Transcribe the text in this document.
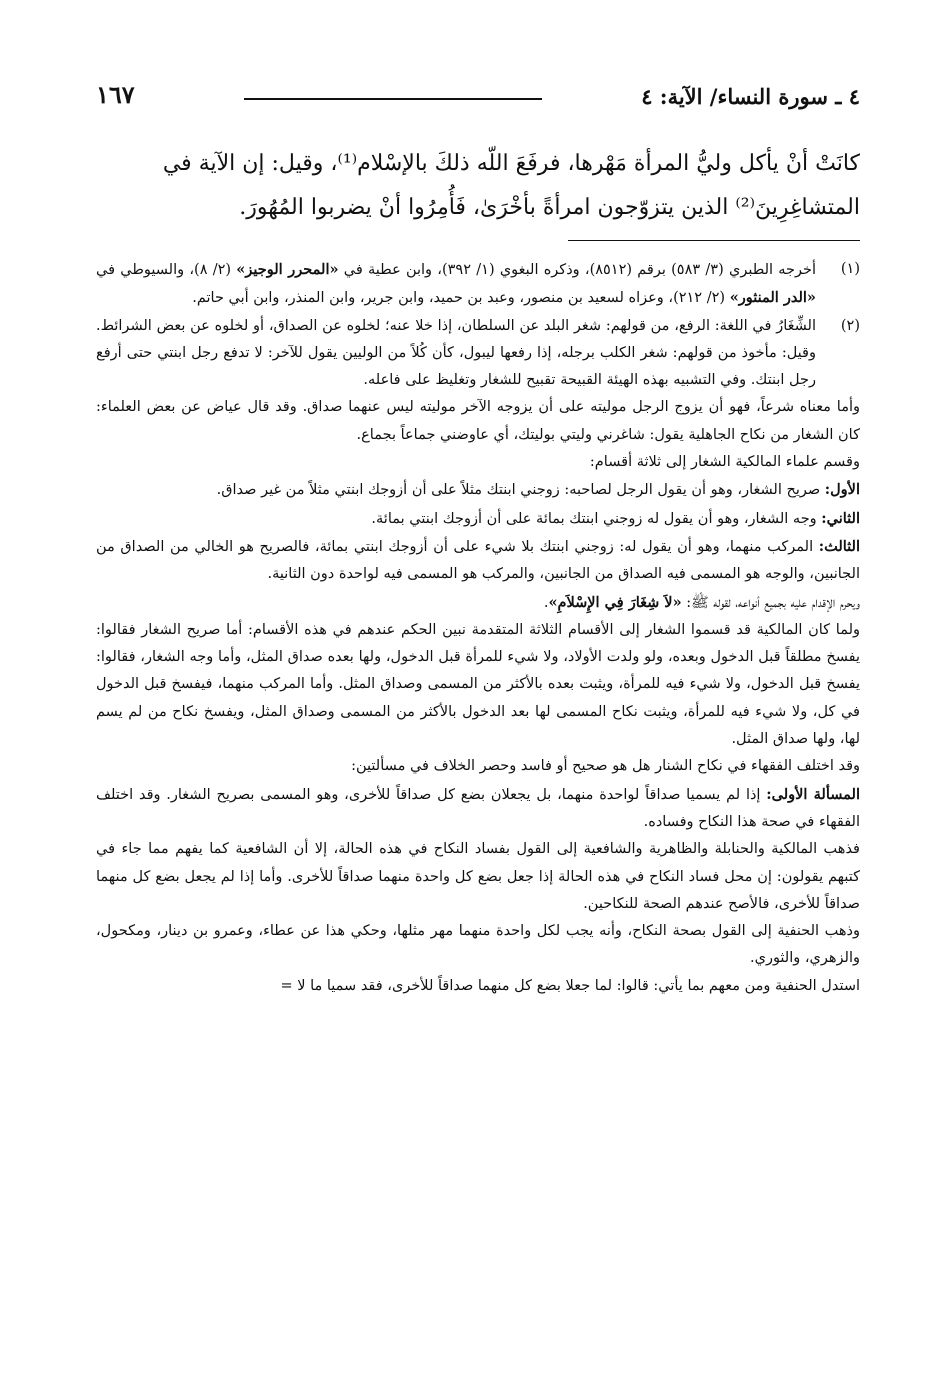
٤ ـ سورة النساء/ الآية: ٤
١٦٧
كانَتْ أنْ يأكل وليُّ المرأة مَهْرها، فرفَعَ اللّه ذلكَ بالإسْلام⁽¹⁾، وقيل: إن الآية في
المتشاغِرِينَ⁽²⁾ الذين يتزوّجون امرأةً بأخْرَىٰ، فَأُمِرُوا أنْ يضربوا المُهُورَ.
(١)

أخرجه الطبري (٣/ ٥٨٣) برقم (٨٥١٢)، وذكره البغوي (١/ ٣٩٢)، وابن عطية في «المحرر الوجيز» (٢/ ٨)، والسيوطي في «الدر المنثور» (٢/ ٢١٢)، وعزاه لسعيد بن منصور، وعبد بن حميد، وابن جرير، وابن المنذر، وابن أبي حاتم.

(٢)

الشِّغَارُ في اللغة: الرفع، من قولهم: شغر البلد عن السلطان، إذا خلا عنه؛ لخلوه عن الصداق، أو لخلوه عن بعض الشرائط. وقيل: مأخوذ من قولهم: شغر الكلب برجله، إذا رفعها ليبول، كأن كُلاً من الوليين يقول للآخر: لا تدفع رجل ابنتي حتى أرفع رجل ابنتك. وفي التشبيه بهذه الهيئة القبيحة تقبيح للشغار وتغليظ على فاعله.

وأما معناه شرعاً، فهو أن يزوج الرجل موليته على أن يزوجه الآخر موليته ليس عنهما صداق. وقد قال عياض عن بعض العلماء: كان الشغار من نكاح الجاهلية يقول: شاغرني وليتي بوليتك، أي عاوضني جماعاً بجماع.

وقسم علماء المالكية الشغار إلى ثلاثة أقسام:

الأول: صريح الشغار، وهو أن يقول الرجل لصاحبه: زوجني ابنتك مثلاً على أن أزوجك ابنتي مثلاً من غير صداق.

الثاني: وجه الشغار، وهو أن يقول له زوجني ابنتك بمائة على أن أزوجك ابنتي بمائة.

الثالث: المركب منهما، وهو أن يقول له: زوجني ابنتك بلا شيء على أن أزوجك ابنتي بمائة، فالصريح هو الخالي من الصداق من الجانبين، والوجه هو المسمى فيه الصداق من الجانبين، والمركب هو المسمى فيه لواحدة دون الثانية.

ويحرم الإقدام عليه بجميع أنواعه، لقوله ﷺ: «لاَ شِغَارَ فِي الإِسْلاَمِ».

ولما كان المالكية قد قسموا الشغار إلى الأقسام الثلاثة المتقدمة نبين الحكم عندهم في هذه الأقسام: أما صريح الشغار فقالوا: يفسخ مطلقاً قبل الدخول وبعده، ولو ولدت الأولاد، ولا شيء للمرأة قبل الدخول، ولها بعده صداق المثل، وأما وجه الشغار، فقالوا: يفسخ قبل الدخول، ولا شيء فيه للمرأة، ويثبت بعده بالأكثر من المسمى وصداق المثل. وأما المركب منهما، فيفسخ قبل الدخول في كل، ولا شيء فيه للمرأة، ويثبت نكاح المسمى لها بعد الدخول بالأكثر من المسمى وصداق المثل، ويفسخ نكاح من لم يسم لها، ولها صداق المثل.

وقد اختلف الفقهاء في نكاح الشنار هل هو صحيح أو فاسد وحصر الخلاف في مسألتين:

المسألة الأولى: إذا لم يسميا صداقاً لواحدة منهما، بل يجعلان بضع كل صداقاً للأخرى، وهو المسمى بصريح الشغار. وقد اختلف الفقهاء في صحة هذا النكاح وفساده.

فذهب المالكية والحنابلة والظاهرية والشافعية إلى القول بفساد النكاح في هذه الحالة، إلا أن الشافعية كما يفهم مما جاء في كتبهم يقولون: إن محل فساد النكاح في هذه الحالة إذا جعل بضع كل واحدة منهما صداقاً للأخرى. وأما إذا لم يجعل بضع كل منهما صداقاً للأخرى، فالأصح عندهم الصحة للنكاحين.

وذهب الحنفية إلى القول بصحة النكاح، وأنه يجب لكل واحدة منهما مهر مثلها، وحكي هذا عن عطاء، وعمرو بن دينار، ومكحول، والزهري، والثوري.

استدل الحنفية ومن معهم بما يأتي: قالوا: لما جعلا بضع كل منهما صداقاً للأخرى، فقد سميا ما لا =
